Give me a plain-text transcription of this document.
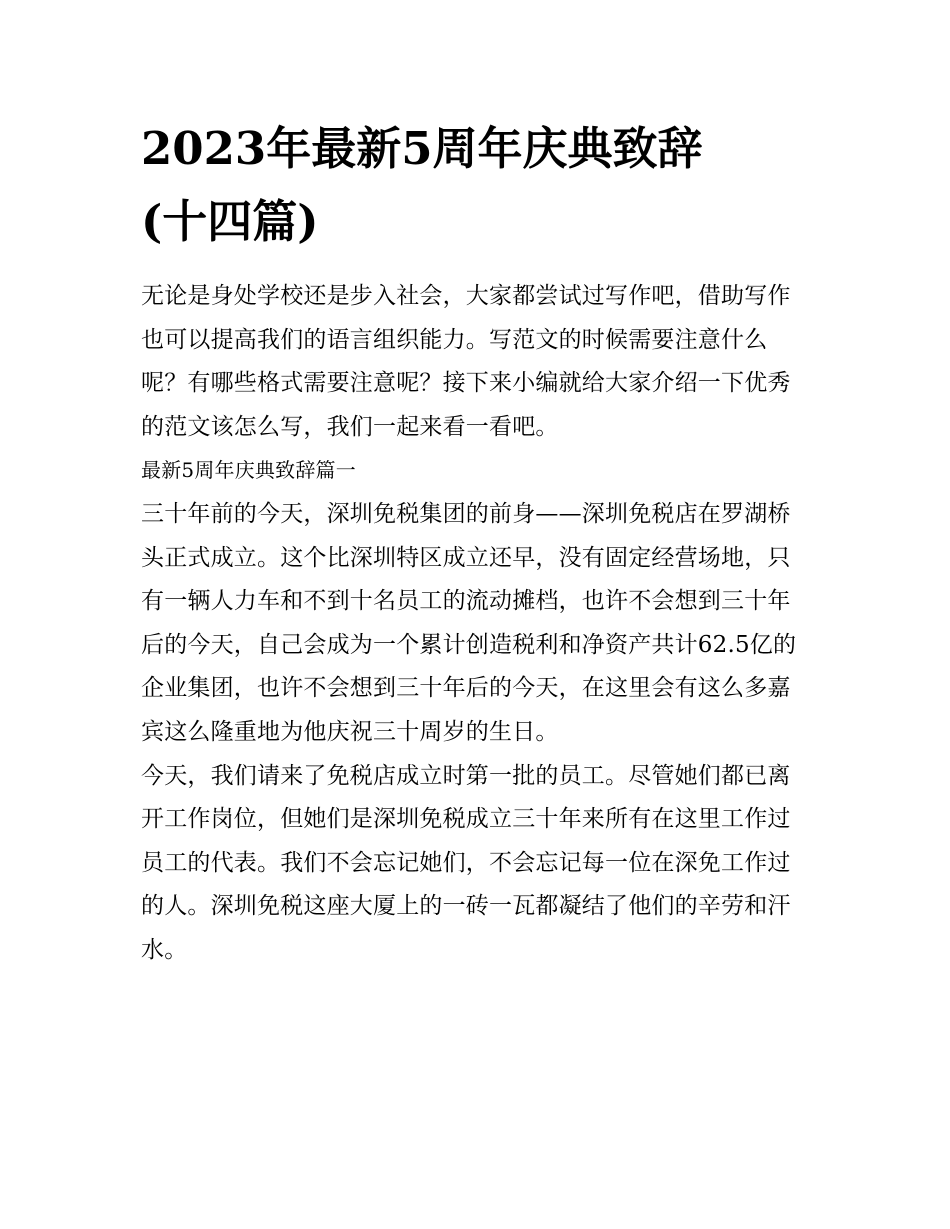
2023年最新5周年庆典致辞
(十四篇)

无论是身处学校还是步入社会，大家都尝试过写作吧，借助写作也可以提高我们的语言组织能力。写范文的时候需要注意什么呢？有哪些格式需要注意呢？接下来小编就给大家介绍一下优秀的范文该怎么写，我们一起来看一看吧。

最新5周年庆典致辞篇一

三十年前的今天，深圳免税集团的前身——深圳免税店在罗湖桥头正式成立。这个比深圳特区成立还早，没有固定经营场地，只有一辆人力车和不到十名员工的流动摊档，也许不会想到三十年后的今天，自己会成为一个累计创造税利和净资产共计62.5亿的企业集团，也许不会想到三十年后的今天，在这里会有这么多嘉宾这么隆重地为他庆祝三十周岁的生日。

今天，我们请来了免税店成立时第一批的员工。尽管她们都已离开工作岗位，但她们是深圳免税成立三十年来所有在这里工作过员工的代表。我们不会忘记她们，不会忘记每一位在深免工作过的人。深圳免税这座大厦上的一砖一瓦都凝结了他们的辛劳和汗水。
